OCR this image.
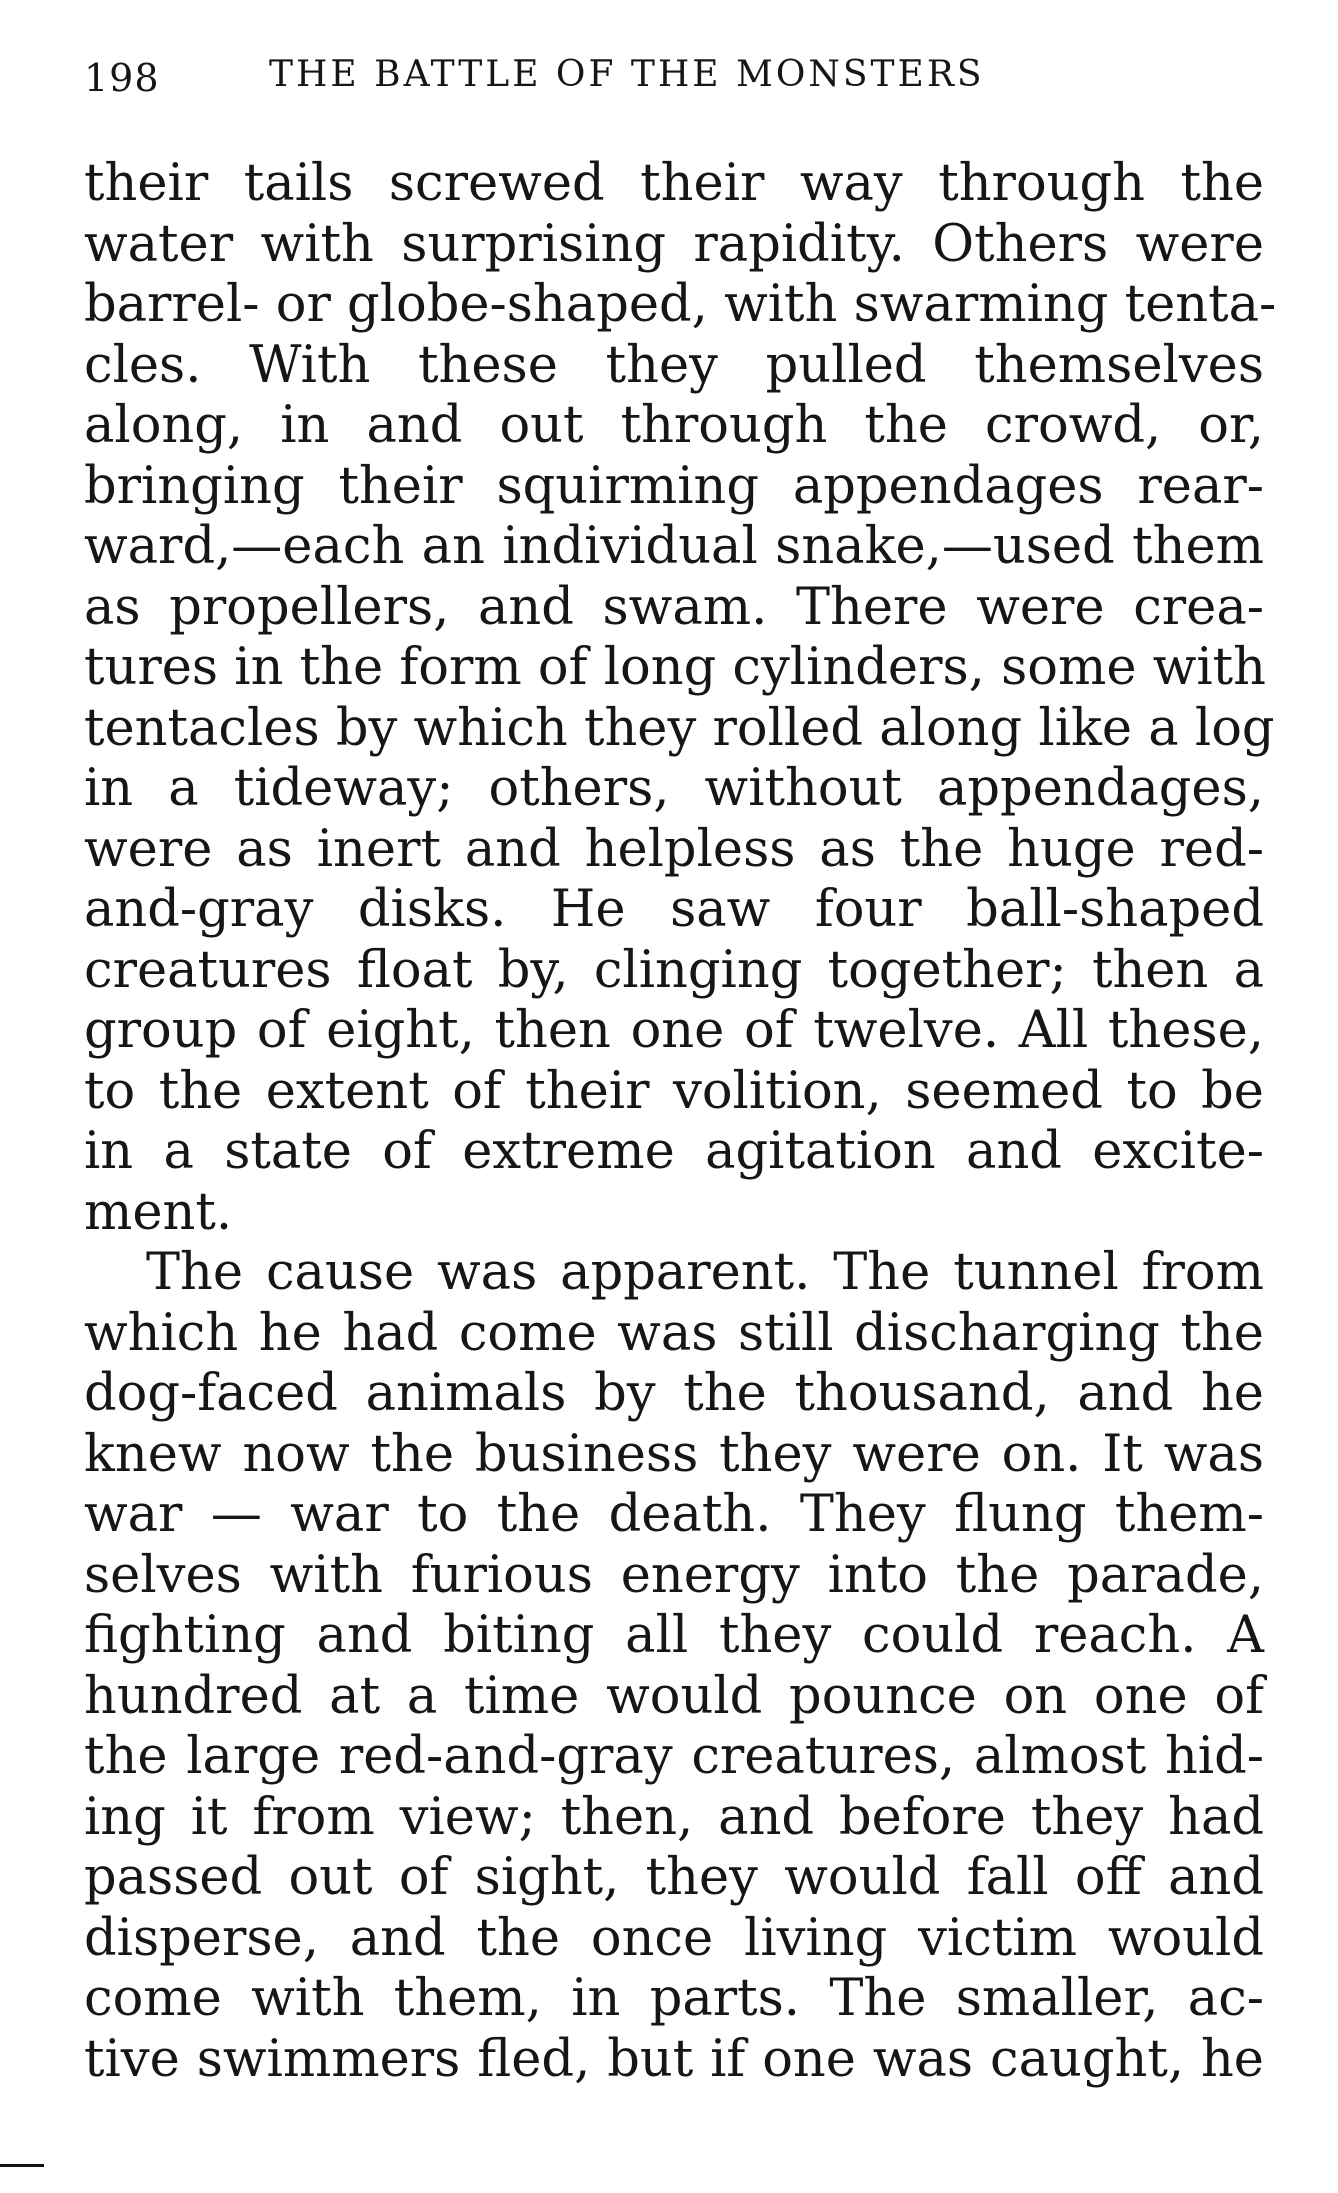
198	THE BATTLE OF THE MONSTERS
their tails screwed their way through the
water with surprising rapidity. Others were
barrel- or globe-shaped, with swarming tenta-
cles. With these they pulled themselves
along, in and out through the crowd, or,
bringing their squirming appendages rear-
ward,—each an individual snake,—used them
as propellers, and swam. There were crea-
tures in the form of long cylinders, some with
tentacles by which they rolled along like a log
in a tideway; others, without appendages,
were as inert and helpless as the huge red-
and-gray disks. He saw four ball-shaped
creatures float by, clinging together; then a
group of eight, then one of twelve. All these,
to the extent of their volition, seemed to be
in a state of extreme agitation and excite-
ment.
The cause was apparent. The tunnel from
which he had come was still discharging the
dog-faced animals by the thousand, and he
knew now the business they were on. It was
war — war to the death. They flung them-
selves with furious energy into the parade,
fighting and biting all they could reach. A
hundred at a time would pounce on one of
the large red-and-gray creatures, almost hid-
ing it from view; then, and before they had
passed out of sight, they would fall off and
disperse, and the once living victim would
come with them, in parts. The smaller, ac-
tive swimmers fled, but if one was caught, he
